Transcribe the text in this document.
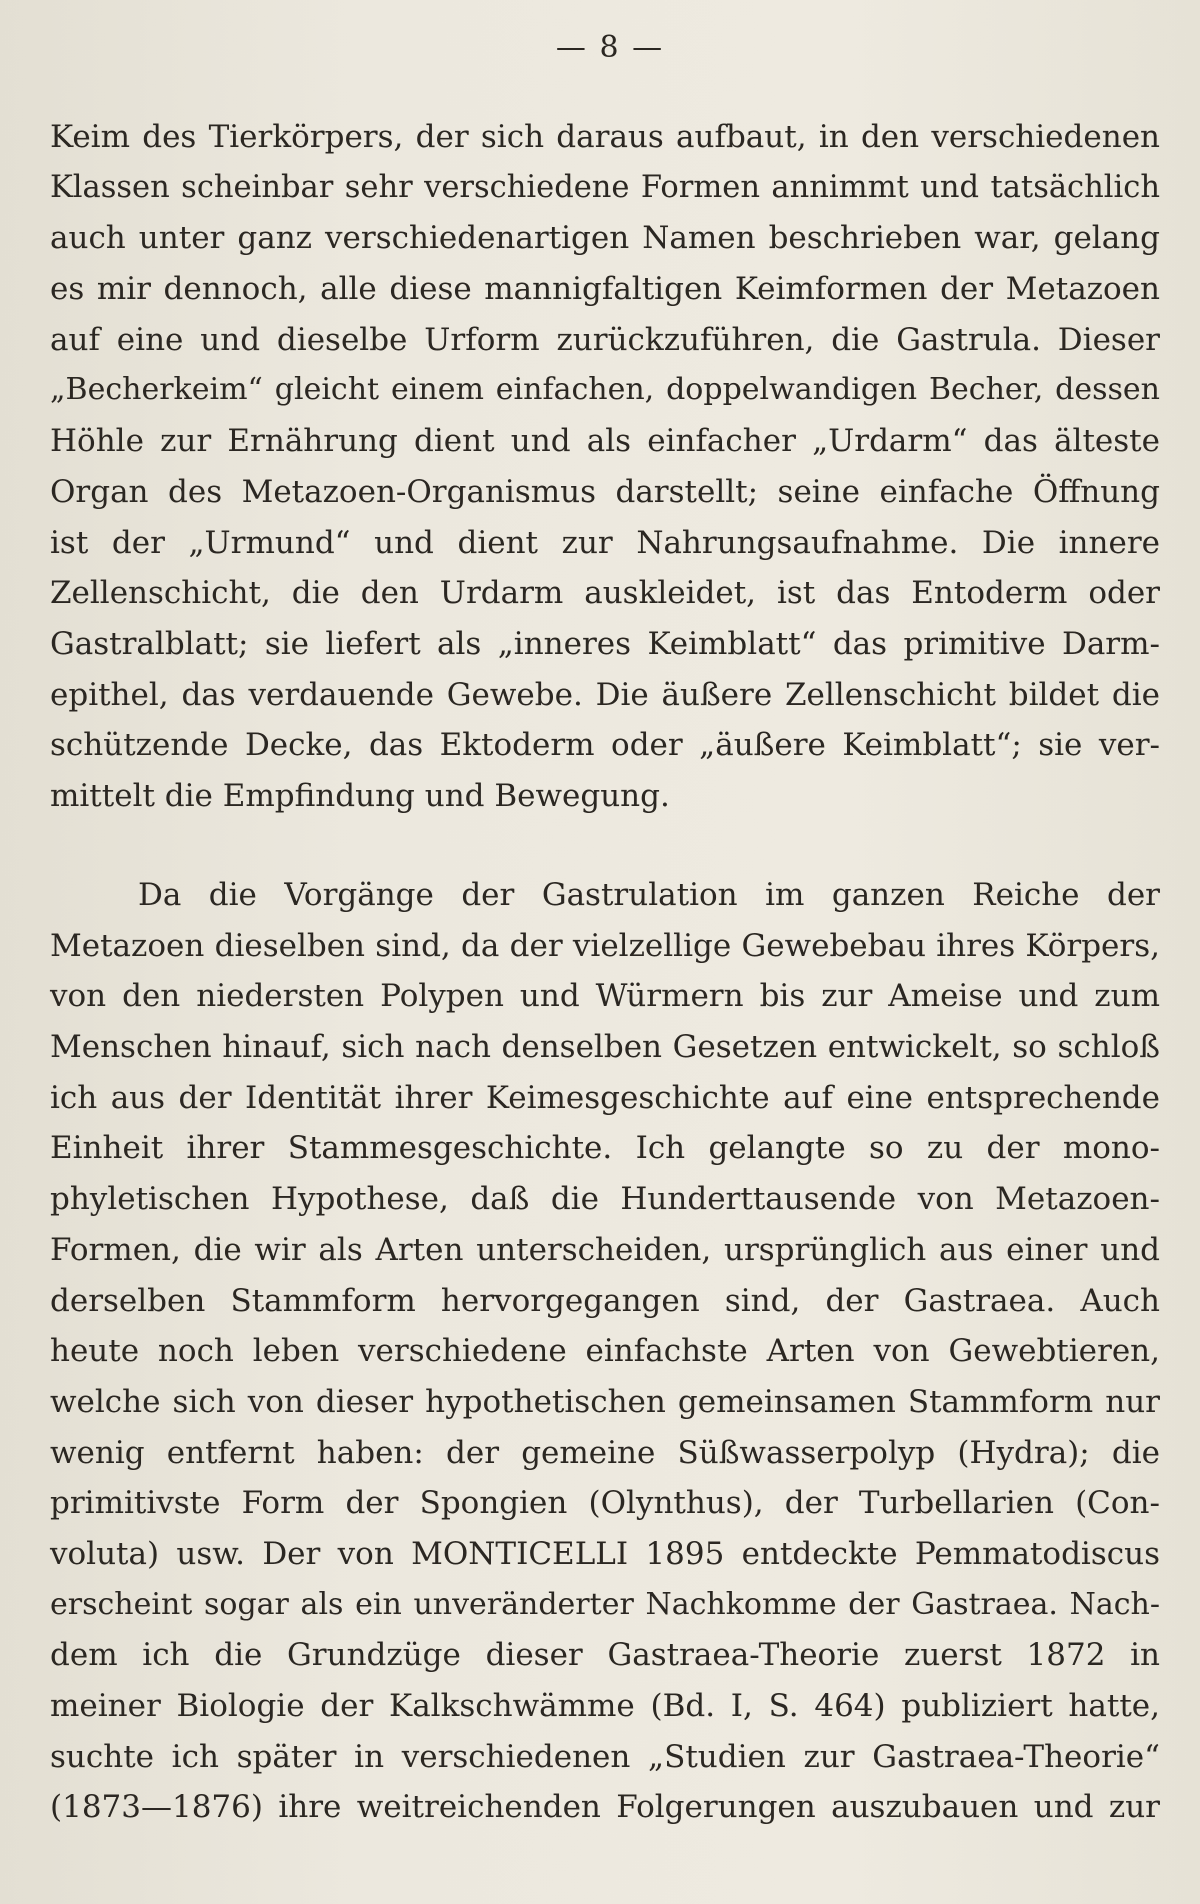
— 8 —
Keim des Tierkörpers, der sich daraus aufbaut, in den verschiedenen
Klassen scheinbar sehr verschiedene Formen annimmt und tatsächlich
auch unter ganz verschiedenartigen Namen beschrieben war, gelang
es mir dennoch, alle diese mannigfaltigen Keimformen der Metazoen
auf eine und dieselbe Urform zurückzuführen, die Gastrula. Dieser
„Becherkeim“ gleicht einem einfachen, doppelwandigen Becher, dessen
Höhle zur Ernährung dient und als einfacher „Urdarm“ das älteste
Organ des Metazoen-Organismus darstellt; seine einfache Öffnung
ist der „Urmund“ und dient zur Nahrungsaufnahme. Die innere
Zellenschicht, die den Urdarm auskleidet, ist das Entoderm oder
Gastralblatt; sie liefert als „inneres Keimblatt“ das primitive Darm-
epithel, das verdauende Gewebe. Die äußere Zellenschicht bildet die
schützende Decke, das Ektoderm oder „äußere Keimblatt“; sie ver-
mittelt die Empfindung und Bewegung.
Da die Vorgänge der Gastrulation im ganzen Reiche der
Metazoen dieselben sind, da der vielzellige Gewebebau ihres Körpers,
von den niedersten Polypen und Würmern bis zur Ameise und zum
Menschen hinauf, sich nach denselben Gesetzen entwickelt, so schloß
ich aus der Identität ihrer Keimesgeschichte auf eine entsprechende
Einheit ihrer Stammesgeschichte. Ich gelangte so zu der mono-
phyletischen Hypothese, daß die Hunderttausende von Metazoen-
Formen, die wir als Arten unterscheiden, ursprünglich aus einer und
derselben Stammform hervorgegangen sind, der Gastraea. Auch
heute noch leben verschiedene einfachste Arten von Gewebtieren,
welche sich von dieser hypothetischen gemeinsamen Stammform nur
wenig entfernt haben: der gemeine Süßwasserpolyp (Hydra); die
primitivste Form der Spongien (Olynthus), der Turbellarien (Con-
voluta) usw. Der von MONTICELLI 1895 entdeckte Pemmatodiscus
erscheint sogar als ein unveränderter Nachkomme der Gastraea. Nach-
dem ich die Grundzüge dieser Gastraea-Theorie zuerst 1872 in
meiner Biologie der Kalkschwämme (Bd. I, S. 464) publiziert hatte,
suchte ich später in verschiedenen „Studien zur Gastraea-Theorie“
(1873—1876) ihre weitreichenden Folgerungen auszubauen und zur
